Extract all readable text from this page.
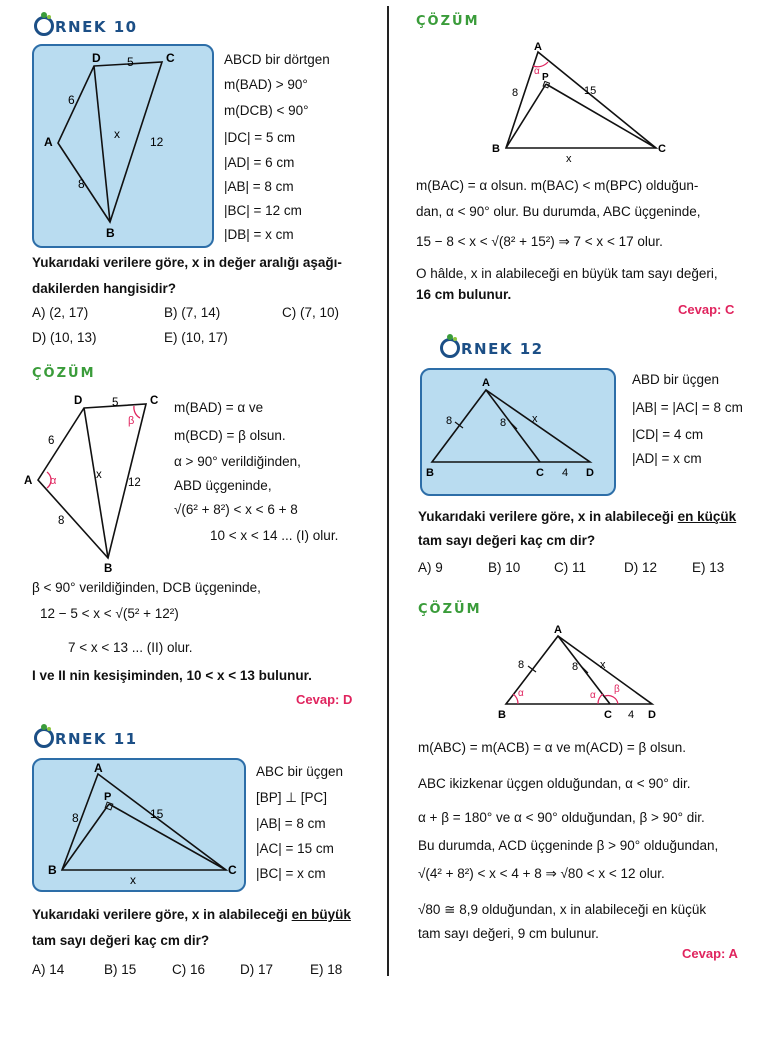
RNEK 10
D	C
A
B
5
6
8
12
x
ABCD bir dörtgen
m(BAD) > 90°
m(DCB) < 90°
|DC| = 5 cm
|AD| = 6 cm
|AB| = 8 cm
|BC| = 12 cm
|DB| = x cm
Yukarıdaki verilere göre, x in değer aralığı aşağı-
dakilerden hangisidir?
A) (2, 17)	B) (7, 14)	C) (7, 10)
D) (10, 13)	E) (10, 17)
ÇÖZÜM
D	C
A
B
5
6
8
12
x
α
β
m(BAD) = α ve
m(BCD) = β olsun.
α > 90° verildiğinden,
ABD üçgeninde,
√(6² + 8²) < x < 6 + 8
10 < x < 14 ... (I) olur.
β < 90° verildiğinden, DCB üçgeninde,
12 − 5 < x < √(5² + 12²)
7 < x < 13 ... (II) olur.
I ve II nin kesişiminden, 10 < x < 13 bulunur.
Cevap: D
RNEK 11
A
B	C
P
8	15
x
ABC bir üçgen
[BP] ⊥ [PC]
|AB| = 8 cm
|AC| = 15 cm
|BC| = x cm
Yukarıdaki verilere göre, x in alabileceği en büyük
tam sayı değeri kaç cm dir?
A) 14	B) 15	C) 16	D) 17	E) 18
ÇÖZÜM
A
B	C
P
8	15
x
α
m(BAC) = α olsun. m(BAC) < m(BPC) olduğun-
dan, α < 90° olur. Bu durumda, ABC üçgeninde,
15 − 8 < x < √(8² + 15²) ⇒ 7 < x < 17 olur.
O hâlde, x in alabileceği en büyük tam sayı değeri,
16 cm bulunur.
Cevap: C
RNEK 12
A
B	C	D
8	8
4
x
ABD bir üçgen
|AB| = |AC| = 8 cm
|CD| = 4 cm
|AD| = x cm
Yukarıdaki verilere göre, x in alabileceği en küçük
tam sayı değeri kaç cm dir?
A) 9	B) 10 C) 11	D) 12	E) 13
ÇÖZÜM
A
B	C	D
8	8
4
x
α	α
β
m(ABC) = m(ACB) = α ve m(ACD) = β olsun.
ABC ikizkenar üçgen olduğundan, α < 90° dir.
α + β = 180° ve α < 90° olduğundan, β > 90° dir.
Bu durumda, ACD üçgeninde β > 90° olduğundan,
√(4² + 8²) < x < 4 + 8 ⇒ √80 < x < 12 olur.
√80 ≅ 8,9 olduğundan, x in alabileceği en küçük
tam sayı değeri, 9 cm bulunur.
Cevap: A
